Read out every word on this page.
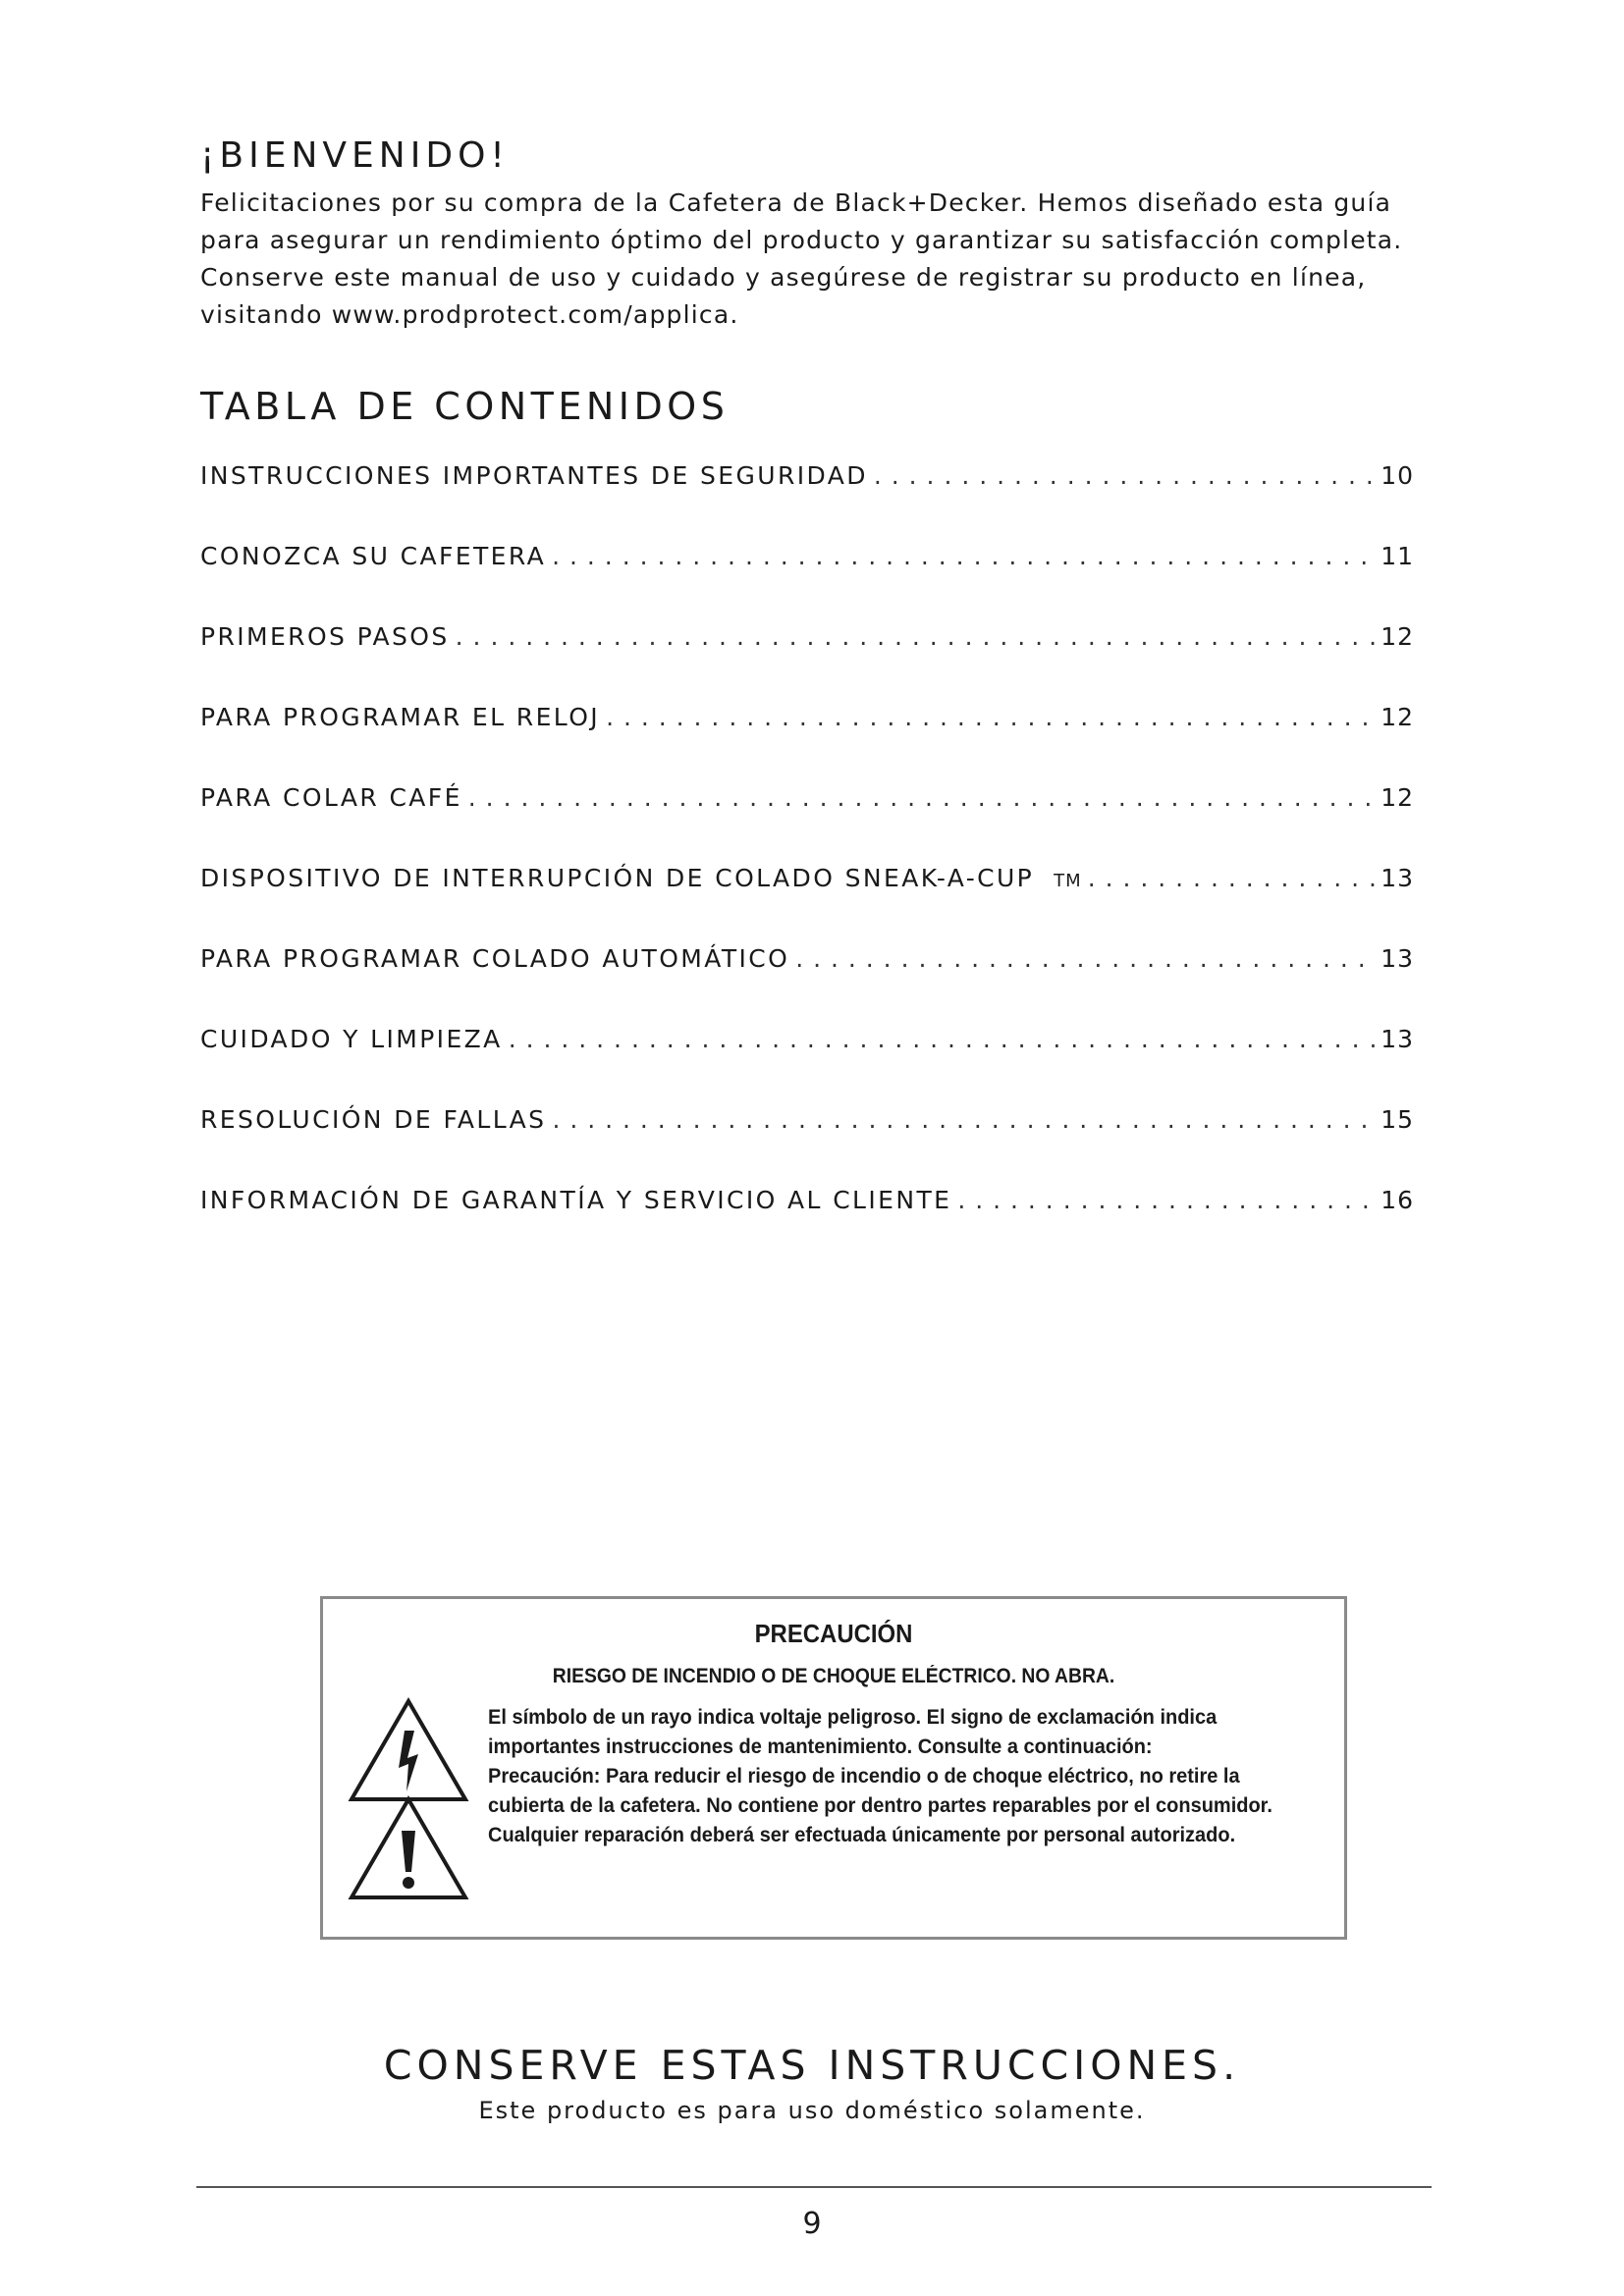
¡BIENVENIDO!
Felicitaciones por su compra de la Cafetera de Black+Decker. Hemos diseñado esta guía para asegurar un rendimiento óptimo del producto y garantizar su satisfacción completa. Conserve este manual de uso y cuidado y asegúrese de registrar su producto en línea, visitando www.prodprotect.com/applica.
TABLA DE CONTENIDOS
INSTRUCCIONES IMPORTANTES DE SEGURIDAD . . .	10
CONOZCA SU CAFETERA . . .	11
PRIMEROS PASOS . . .	12
PARA PROGRAMAR EL RELOJ . . .	12
PARA COLAR CAFÉ . . .	12
DISPOSITIVO DE INTERRUPCIÓN DE COLADO SNEAK-A-CUP TM . . .	13
PARA PROGRAMAR COLADO AUTOMÁTICO . . .	13
CUIDADO Y LIMPIEZA . . .	13
RESOLUCIÓN DE FALLAS . . .	15
INFORMACIÓN DE GARANTÍA Y SERVICIO AL CLIENTE . . .	16
PRECAUCIÓN
RIESGO DE INCENDIO O DE CHOQUE ELÉCTRICO. NO ABRA.

El símbolo de un rayo indica voltaje peligroso. El signo de exclamación indica importantes instrucciones de mantenimiento. Consulte a continuación:

Precaución: Para reducir el riesgo de incendio o de choque eléctrico, no retire la cubierta de la cafetera. No contiene por dentro partes reparables por el consumidor. Cualquier reparación deberá ser efectuada únicamente por personal autorizado.

CONSERVE ESTAS INSTRUCCIONES.
Este producto es para uso doméstico solamente.
9
